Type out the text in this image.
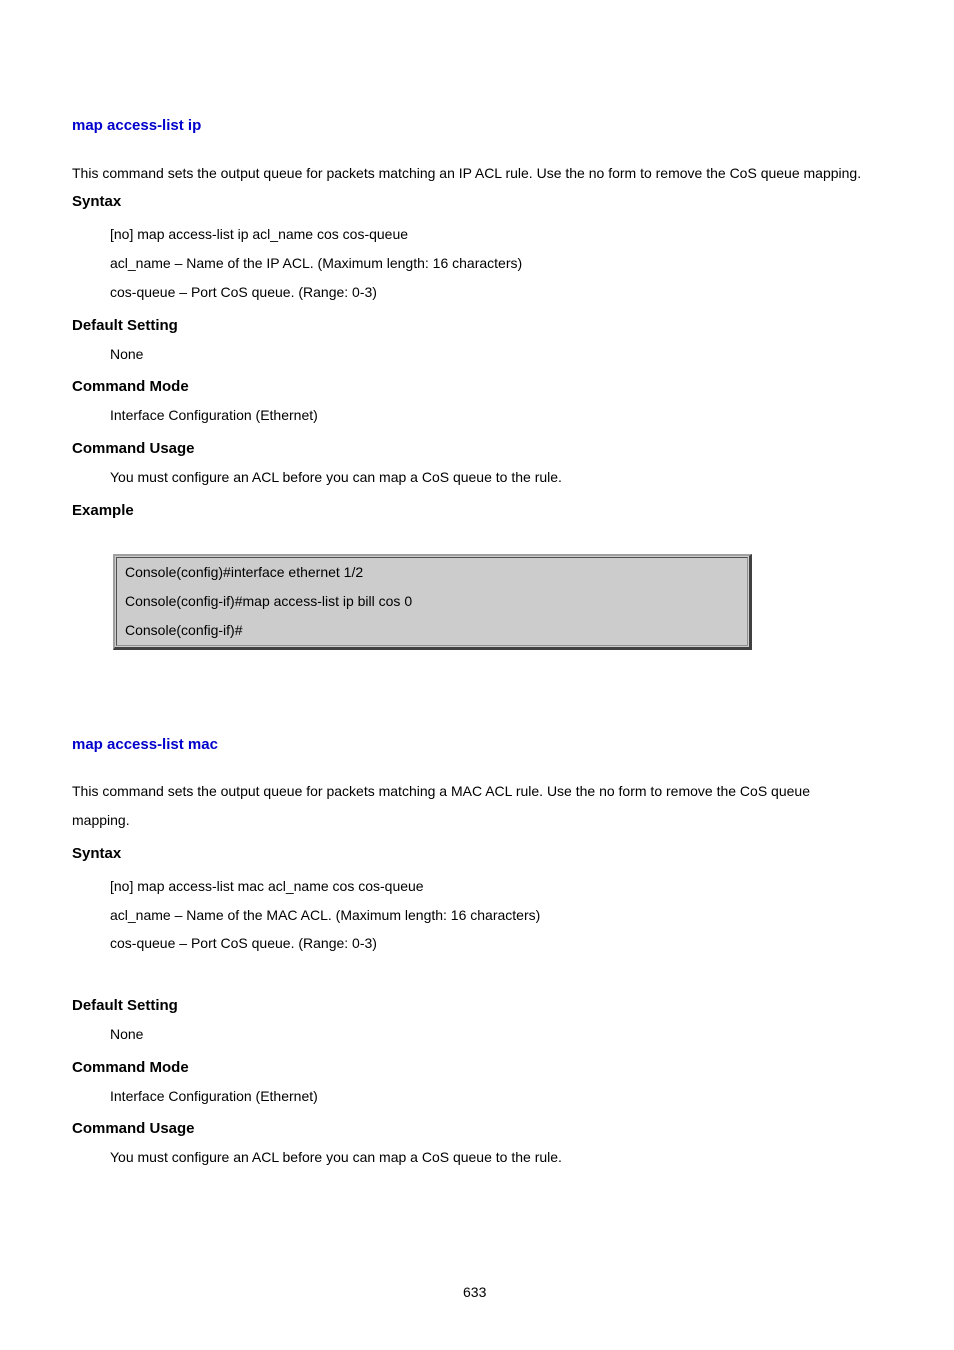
map access-list ip
This command sets the output queue for packets matching an IP ACL rule. Use the no form to remove the CoS queue mapping.
Syntax
[no] map access-list ip acl_name cos cos-queue
acl_name – Name of the IP ACL. (Maximum length: 16 characters)
cos-queue – Port CoS queue. (Range: 0-3)
Default Setting
None
Command Mode
Interface Configuration (Ethernet)
Command Usage
You must configure an ACL before you can map a CoS queue to the rule.
Example
Console(config)#interface ethernet 1/2
Console(config-if)#map access-list ip bill cos 0
Console(config-if)#
map access-list mac
This command sets the output queue for packets matching a MAC ACL rule. Use the no form to remove the CoS queue
mapping.
Syntax
[no] map access-list mac acl_name cos cos-queue
acl_name – Name of the MAC ACL. (Maximum length: 16 characters)
cos-queue – Port CoS queue. (Range: 0-3)
Default Setting
None
Command Mode
Interface Configuration (Ethernet)
Command Usage
You must configure an ACL before you can map a CoS queue to the rule.
633
